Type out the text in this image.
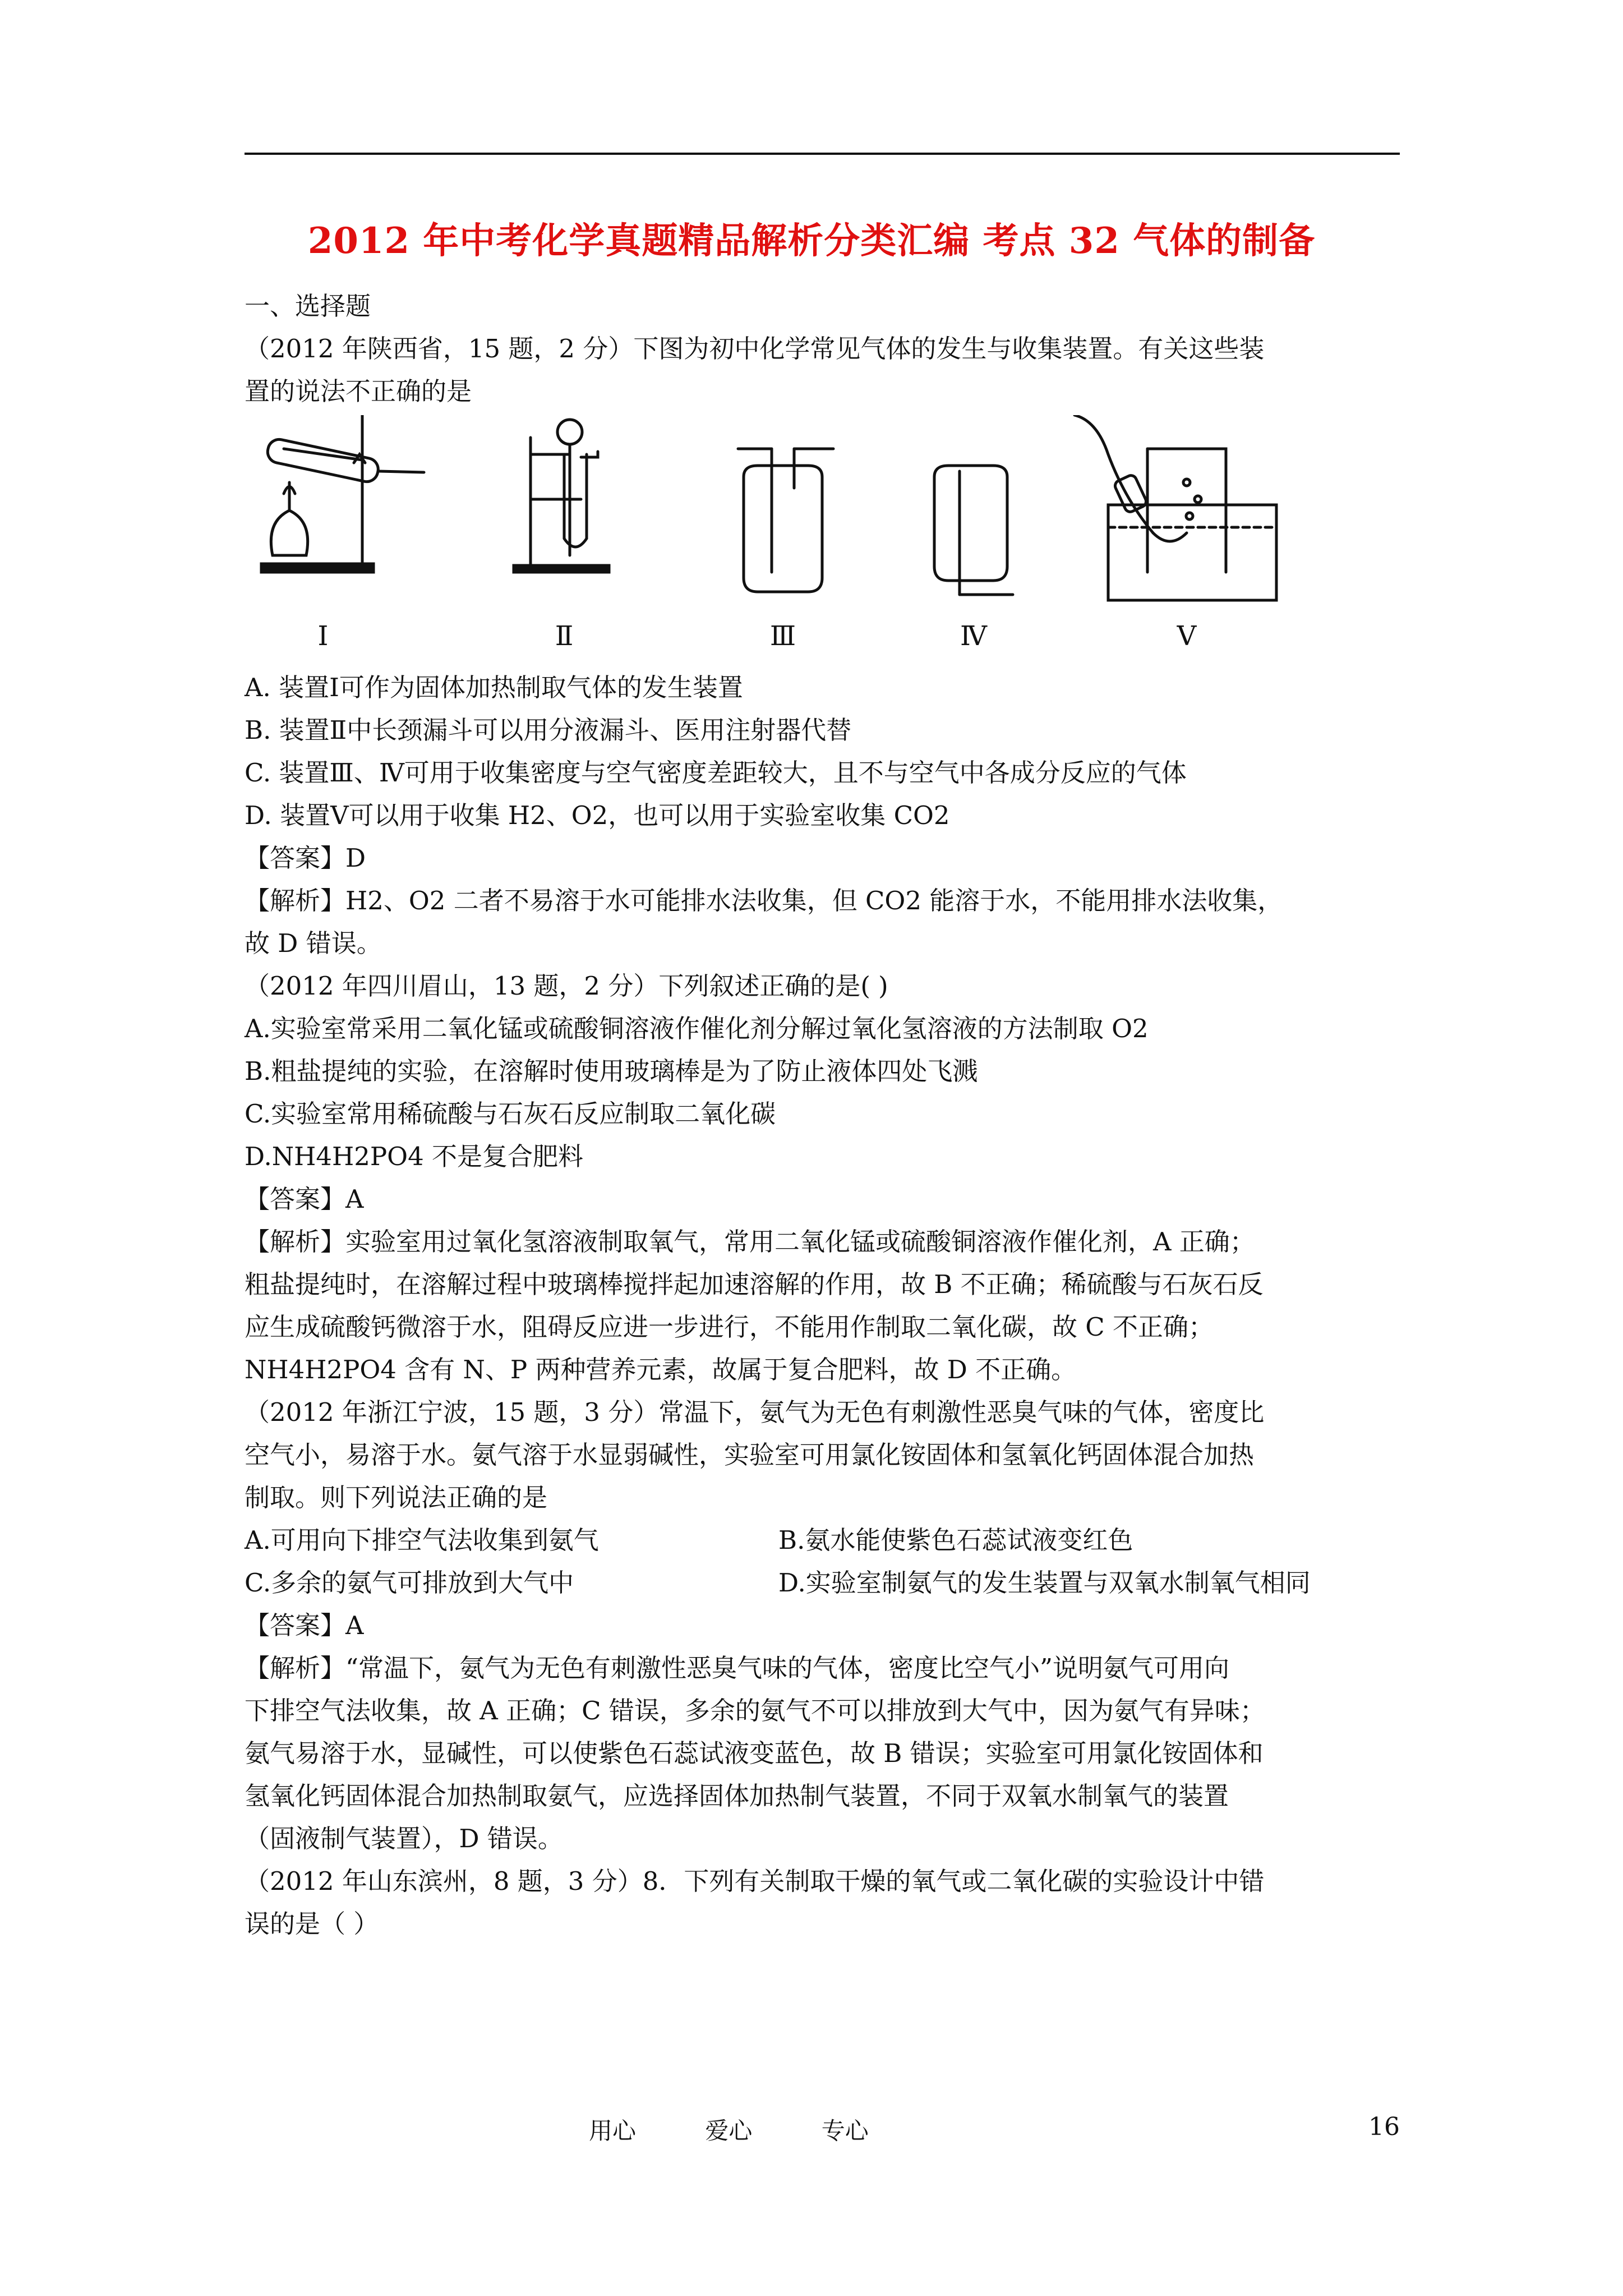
2012 年中考化学真题精品解析分类汇编 考点 32 气体的制备

一、选择题

（2012 年陕西省，15 题，2 分）下图为初中化学常见气体的发生与收集装置。有关这些装

置的说法不正确的是

Ⅰ	Ⅱ	Ⅲ	Ⅳ	Ⅴ

A. 装置Ⅰ可作为固体加热制取气体的发生装置

B. 装置Ⅱ中长颈漏斗可以用分液漏斗、医用注射器代替

C. 装置Ⅲ、Ⅳ可用于收集密度与空气密度差距较大，且不与空气中各成分反应的气体

D. 装置Ⅴ可以用于收集 H2、O2，也可以用于实验室收集 CO2

【答案】D

【解析】H2、O2 二者不易溶于水可能排水法收集，但 CO2 能溶于水，不能用排水法收集，

故 D 错误。

（2012 年四川眉山，13 题，2 分）下列叙述正确的是( )

A.实验室常采用二氧化锰或硫酸铜溶液作催化剂分解过氧化氢溶液的方法制取 O2

B.粗盐提纯的实验，在溶解时使用玻璃棒是为了防止液体四处飞溅

C.实验室常用稀硫酸与石灰石反应制取二氧化碳

D.NH4H2PO4 不是复合肥料

【答案】A

【解析】实验室用过氧化氢溶液制取氧气，常用二氧化锰或硫酸铜溶液作催化剂，A 正确；

粗盐提纯时，在溶解过程中玻璃棒搅拌起加速溶解的作用，故 B 不正确；稀硫酸与石灰石反

应生成硫酸钙微溶于水，阻碍反应进一步进行，不能用作制取二氧化碳，故 C 不正确；

NH4H2PO4 含有 N、P 两种营养元素，故属于复合肥料，故 D 不正确。

（2012 年浙江宁波，15 题，3 分）常温下，氨气为无色有刺激性恶臭气味的气体，密度比

空气小，易溶于水。氨气溶于水显弱碱性，实验室可用氯化铵固体和氢氧化钙固体混合加热

制取。则下列说法正确的是

A.可用向下排空气法收集到氨气	B.氨水能使紫色石蕊试液变红色

C.多余的氨气可排放到大气中	D.实验室制氨气的发生装置与双氧水制氧气相同

【答案】A

【解析】“常温下，氨气为无色有刺激性恶臭气味的气体，密度比空气小”说明氨气可用向

下排空气法收集，故 A 正确；C 错误，多余的氨气不可以排放到大气中，因为氨气有异味；

氨气易溶于水，显碱性，可以使紫色石蕊试液变蓝色，故 B 错误；实验室可用氯化铵固体和

氢氧化钙固体混合加热制取氨气，应选择固体加热制气装置，不同于双氧水制氧气的装置

（固液制气装置），D 错误。

（2012 年山东滨州，8 题，3 分）8．下列有关制取干燥的氧气或二氧化碳的实验设计中错

误的是（ ）

用心 爱心 专心	16
